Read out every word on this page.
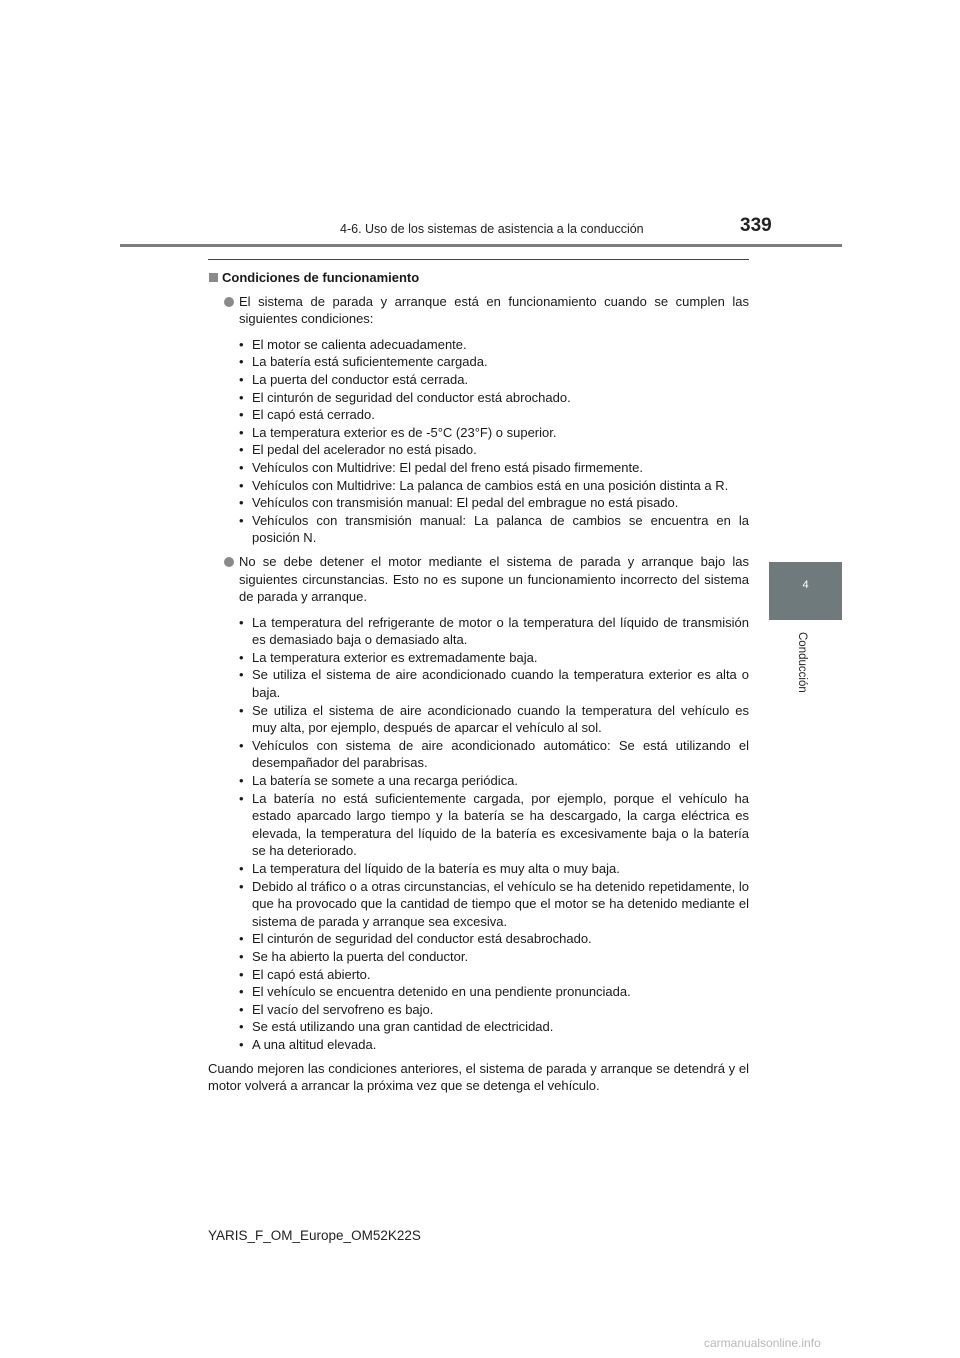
4-6. Uso de los sistemas de asistencia a la conducción	339
4
Conducción
Condiciones de funcionamiento

El sistema de parada y arranque está en funcionamiento cuando se cumplen las siguientes condiciones:

• El motor se calienta adecuadamente.
• La batería está suficientemente cargada.
• La puerta del conductor está cerrada.
• El cinturón de seguridad del conductor está abrochado.
• El capó está cerrado.
• La temperatura exterior es de -5°C (23°F) o superior.
• El pedal del acelerador no está pisado.
• Vehículos con Multidrive: El pedal del freno está pisado firmemente.
• Vehículos con Multidrive: La palanca de cambios está en una posición distinta a R.
• Vehículos con transmisión manual: El pedal del embrague no está pisado.
• Vehículos con transmisión manual: La palanca de cambios se encuentra en la posición N.

No se debe detener el motor mediante el sistema de parada y arranque bajo las siguientes circunstancias. Esto no es supone un funcionamiento incorrecto del sistema de parada y arranque.

• La temperatura del refrigerante de motor o la temperatura del líquido de transmisión es demasiado baja o demasiado alta.
• La temperatura exterior es extremadamente baja.
• Se utiliza el sistema de aire acondicionado cuando la temperatura exterior es alta o baja.
• Se utiliza el sistema de aire acondicionado cuando la temperatura del vehículo es muy alta, por ejemplo, después de aparcar el vehículo al sol.
• Vehículos con sistema de aire acondicionado automático: Se está utilizando el desempañador del parabrisas.
• La batería se somete a una recarga periódica.
• La batería no está suficientemente cargada, por ejemplo, porque el vehículo ha estado aparcado largo tiempo y la batería se ha descargado, la carga eléctrica es elevada, la temperatura del líquido de la batería es excesivamente baja o la batería se ha deteriorado.
• La temperatura del líquido de la batería es muy alta o muy baja.
• Debido al tráfico o a otras circunstancias, el vehículo se ha detenido repetidamente, lo que ha provocado que la cantidad de tiempo que el motor se ha detenido mediante el sistema de parada y arranque sea excesiva.
• El cinturón de seguridad del conductor está desabrochado.
• Se ha abierto la puerta del conductor.
• El capó está abierto.
• El vehículo se encuentra detenido en una pendiente pronunciada.
• El vacío del servofreno es bajo.
• Se está utilizando una gran cantidad de electricidad.
• A una altitud elevada.

Cuando mejoren las condiciones anteriores, el sistema de parada y arranque se detendrá y el motor volverá a arrancar la próxima vez que se detenga el vehículo.

YARIS_F_OM_Europe_OM52K22S
carmanualsonline.info
